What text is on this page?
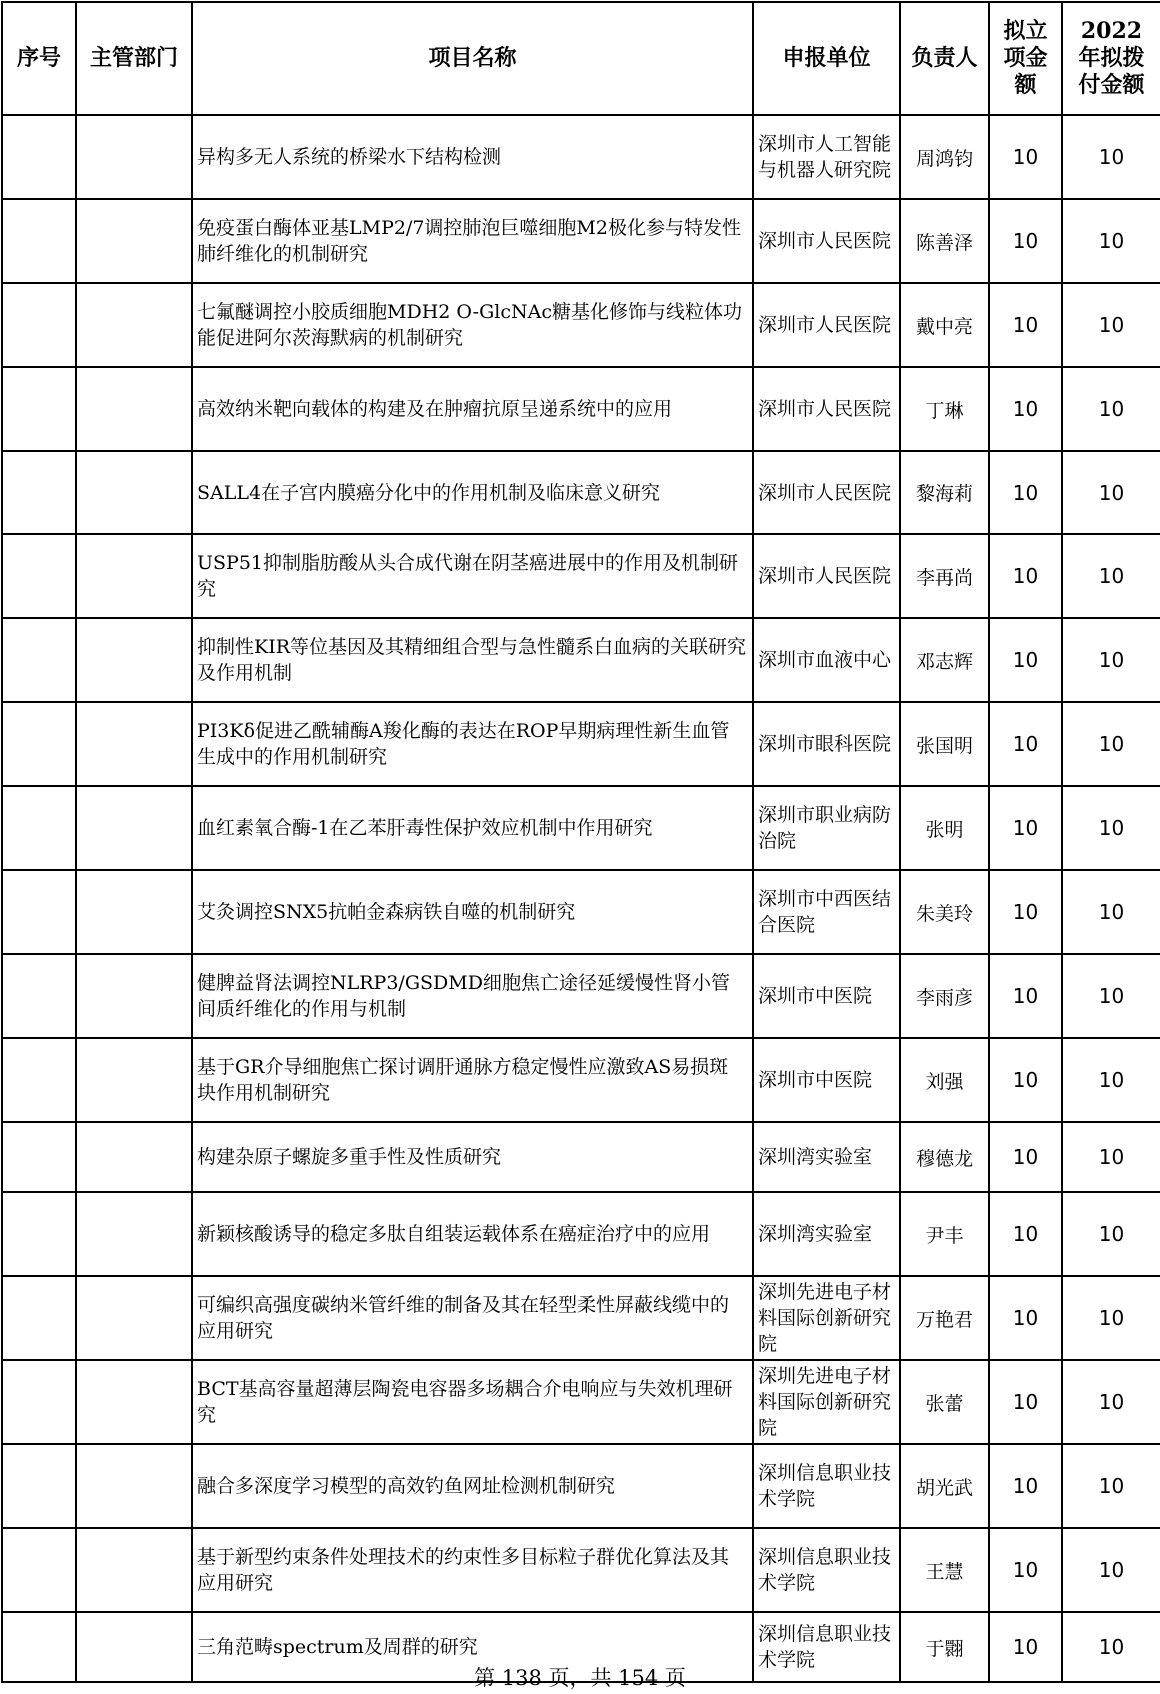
序号	主管部门	项目名称	申报单位	负责人	拟立项金额	2022年拟拨付金额
		异构多无人系统的桥梁水下结构检测	深圳市人工智能与机器人研究院	周鸿钧	10	10
		免疫蛋白酶体亚基LMP2/7调控肺泡巨噬细胞M2极化参与特发性肺纤维化的机制研究	深圳市人民医院	陈善泽	10	10
		七氟醚调控小胶质细胞MDH2 O-GlcNAc糖基化修饰与线粒体功能促进阿尔茨海默病的机制研究	深圳市人民医院	戴中亮	10	10
		高效纳米靶向载体的构建及在肿瘤抗原呈递系统中的应用	深圳市人民医院	丁琳	10	10
		SALL4在子宫内膜癌分化中的作用机制及临床意义研究	深圳市人民医院	黎海莉	10	10
		USP51抑制脂肪酸从头合成代谢在阴茎癌进展中的作用及机制研究	深圳市人民医院	李再尚	10	10
		抑制性KIR等位基因及其精细组合型与急性髓系白血病的关联研究及作用机制	深圳市血液中心	邓志辉	10	10
		PI3Kδ促进乙酰辅酶A羧化酶的表达在ROP早期病理性新生血管生成中的作用机制研究	深圳市眼科医院	张国明	10	10
		血红素氧合酶-1在乙苯肝毒性保护效应机制中作用研究	深圳市职业病防治院	张明	10	10
		艾灸调控SNX5抗帕金森病铁自噬的机制研究	深圳市中西医结合医院	朱美玲	10	10
		健脾益肾法调控NLRP3/GSDMD细胞焦亡途径延缓慢性肾小管间质纤维化的作用与机制	深圳市中医院	李雨彦	10	10
		基于GR介导细胞焦亡探讨调肝通脉方稳定慢性应激致AS易损斑块作用机制研究	深圳市中医院	刘强	10	10
		构建杂原子螺旋多重手性及性质研究	深圳湾实验室	穆德龙	10	10
		新颖核酸诱导的稳定多肽自组装运载体系在癌症治疗中的应用	深圳湾实验室	尹丰	10	10
		可编织高强度碳纳米管纤维的制备及其在轻型柔性屏蔽线缆中的应用研究	深圳先进电子材料国际创新研究院	万艳君	10	10
		BCT基高容量超薄层陶瓷电容器多场耦合介电响应与失效机理研究	深圳先进电子材料国际创新研究院	张蕾	10	10
		融合多深度学习模型的高效钓鱼网址检测机制研究	深圳信息职业技术学院	胡光武	10	10
		基于新型约束条件处理技术的约束性多目标粒子群优化算法及其应用研究	深圳信息职业技术学院	王慧	10	10
		三角范畴spectrum及周群的研究	深圳信息职业技术学院	于翾	10	10
第 138 页，共 154 页
